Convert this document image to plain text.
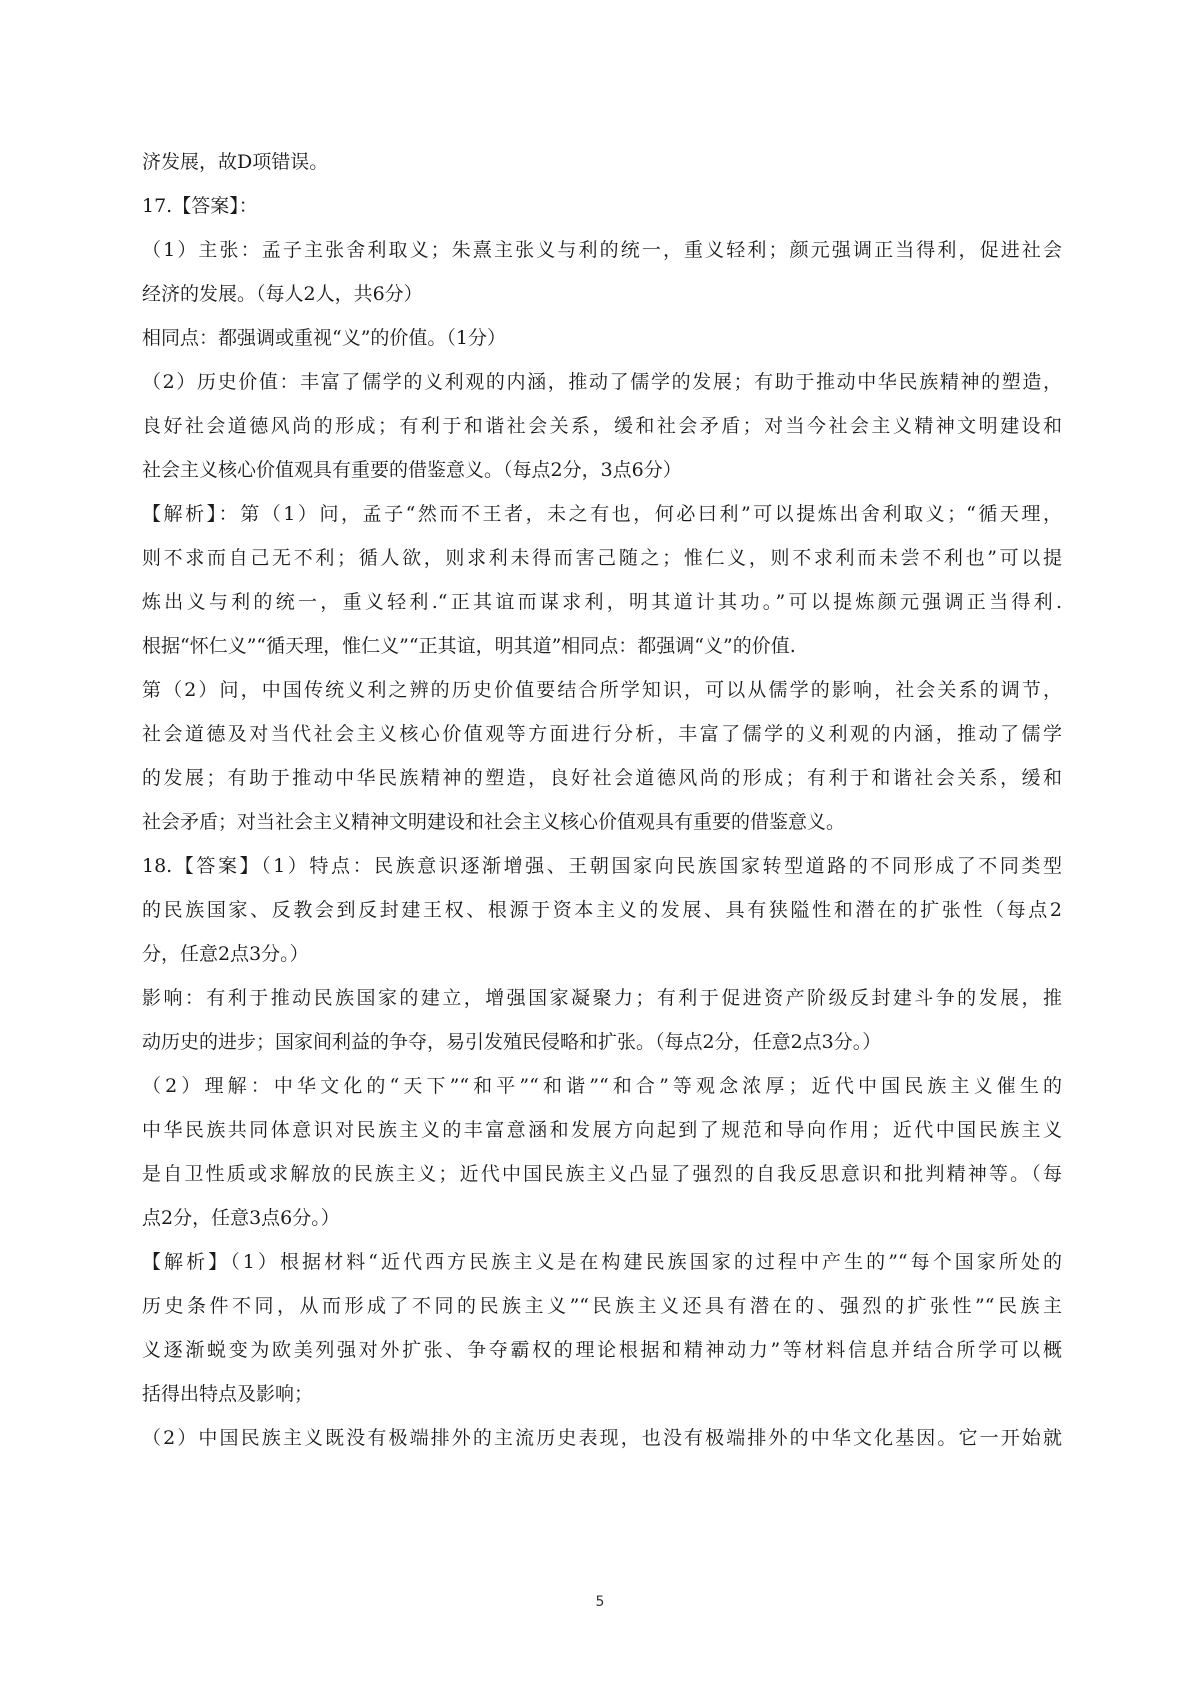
济发展，故D项错误。
17.【答案】：
（1）主张：孟子主张舍利取义；朱熹主张义与利的统一，重义轻利；颜元强调正当得利，促进社会
经济的发展。（每人2人，共6分）
相同点：都强调或重视“义”的价值。（1分）
（2）历史价值：丰富了儒学的义利观的内涵，推动了儒学的发展；有助于推动中华民族精神的塑造，
良好社会道德风尚的形成；有利于和谐社会关系，缓和社会矛盾；对当今社会主义精神文明建设和
社会主义核心价值观具有重要的借鉴意义。（每点2分，3点6分）
【解析】：第（1）问，孟子“然而不王者，未之有也，何必曰利”可以提炼出舍利取义；“循天理，
则不求而自己无不利；循人欲，则求利未得而害己随之；惟仁义，则不求利而未尝不利也”可以提
炼出义与利的统一，重义轻利.“正其谊而谋求利，明其道计其功。”可以提炼颜元强调正当得利.
根据“怀仁义”“循天理，惟仁义”“正其谊，明其道”相同点：都强调“义”的价值.
第（2）问，中国传统义利之辨的历史价值要结合所学知识，可以从儒学的影响，社会关系的调节，
社会道德及对当代社会主义核心价值观等方面进行分析，丰富了儒学的义利观的内涵，推动了儒学
的发展；有助于推动中华民族精神的塑造，良好社会道德风尚的形成；有利于和谐社会关系，缓和
社会矛盾；对当社会主义精神文明建设和社会主义核心价值观具有重要的借鉴意义。
18.【答案】（1）特点：民族意识逐渐增强、王朝国家向民族国家转型道路的不同形成了不同类型
的民族国家、反教会到反封建王权、根源于资本主义的发展、具有狭隘性和潜在的扩张性（每点2
分，任意2点3分。）
影响：有利于推动民族国家的建立，增强国家凝聚力；有利于促进资产阶级反封建斗争的发展，推
动历史的进步；国家间利益的争夺，易引发殖民侵略和扩张。（每点2分，任意2点3分。）
（2）理解：中华文化的“天下”“和平”“和谐”“和合”等观念浓厚；近代中国民族主义催生的
中华民族共同体意识对民族主义的丰富意涵和发展方向起到了规范和导向作用；近代中国民族主义
是自卫性质或求解放的民族主义；近代中国民族主义凸显了强烈的自我反思意识和批判精神等。（每
点2分，任意3点6分。）
【解析】（1）根据材料“近代西方民族主义是在构建民族国家的过程中产生的”“每个国家所处的
历史条件不同，从而形成了不同的民族主义”“民族主义还具有潜在的、强烈的扩张性”“民族主
义逐渐蜕变为欧美列强对外扩张、争夺霸权的理论根据和精神动力”等材料信息并结合所学可以概
括得出特点及影响；
（2）中国民族主义既没有极端排外的主流历史表现，也没有极端排外的中华文化基因。它一开始就
5
